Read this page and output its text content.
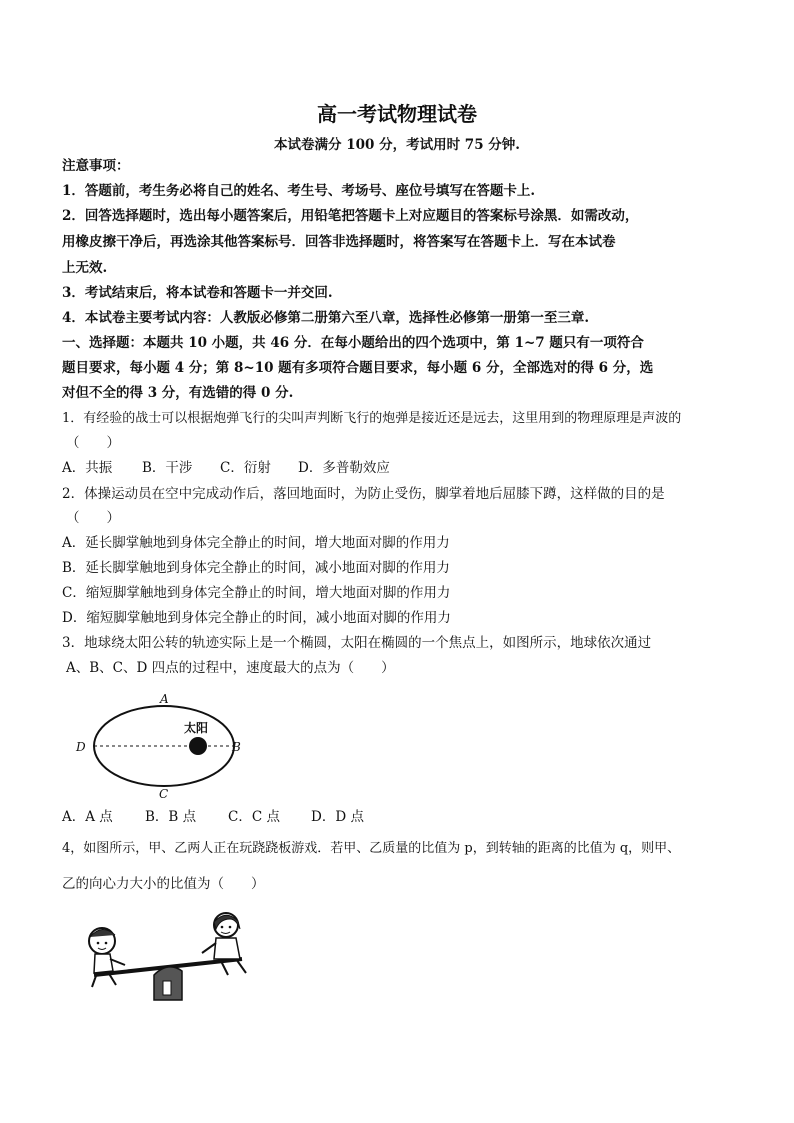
高一考试物理试卷
本试卷满分 100 分，考试用时 75 分钟.
注意事项：
1．答题前，考生务必将自己的姓名、考生号、考场号、座位号填写在答题卡上.
2．回答选择题时，选出每小题答案后，用铅笔把答题卡上对应题目的答案标号涂黑．如需改动，
用橡皮擦干净后，再选涂其他答案标号．回答非选择题时，将答案写在答题卡上．写在本试卷
上无效.
3．考试结束后，将本试卷和答题卡一并交回.
4．本试卷主要考试内容：人教版必修第二册第六至八章，选择性必修第一册第一至三章.
一、选择题：本题共 10 小题，共 46 分．在每小题给出的四个选项中，第 1~7 题只有一项符合
题目要求，每小题 4 分；第 8~10 题有多项符合题目要求，每小题 6 分，全部选对的得 6 分，选
对但不全的得 3 分，有选错的得 0 分.
1．有经验的战士可以根据炮弹飞行的尖叫声判断飞行的炮弹是接近还是远去，这里用到的物理原理是声波的
（　　）
A．共振 B．干涉 C．衍射 D．多普勒效应
2．体操运动员在空中完成动作后，落回地面时，为防止受伤，脚掌着地后屈膝下蹲，这样做的目的是
（　　）
A．延长脚掌触地到身体完全静止的时间，增大地面对脚的作用力
B．延长脚掌触地到身体完全静止的时间，减小地面对脚的作用力
C．缩短脚掌触地到身体完全静止的时间，增大地面对脚的作用力
D．缩短脚掌触地到身体完全静止的时间，减小地面对脚的作用力
3．地球绕太阳公转的轨迹实际上是一个椭圆，太阳在椭圆的一个焦点上，如图所示，地球依次通过
A、B、C、D 四点的过程中，速度最大的点为（　　）
太阳
A
B
C
D
A．A 点 B．B 点 C．C 点 D．D 点
4，如图所示，甲、乙两人正在玩跷跷板游戏．若甲、乙质量的比值为 p，到转轴的距离的比值为 q，则甲、
乙的向心力大小的比值为（　　）
